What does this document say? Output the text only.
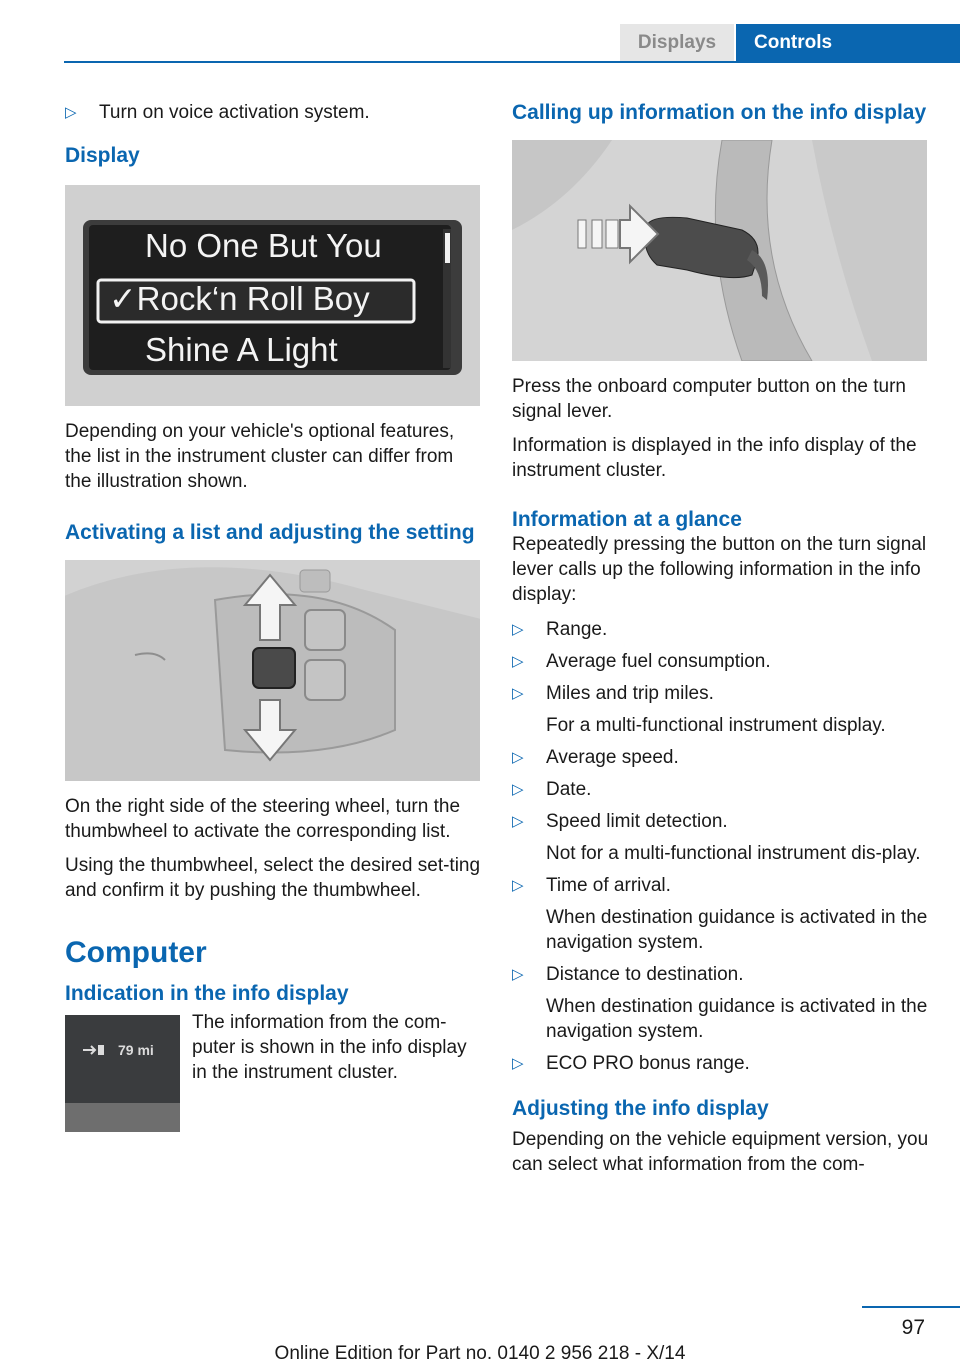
Displays	Controls
▷ Turn on voice activation system.
Display
No One But You
✓Rock‘n Roll Boy
Shine A Light

Depending on your vehicle's optional features, the list in the instrument cluster can differ from the illustration shown.

Activating a list and adjusting the setting

On the right side of the steering wheel, turn the thumbwheel to activate the corresponding list.

Using the thumbwheel, select the desired set‐ting and confirm it by pushing the thumbwheel.

Computer
Indication in the info display
79 mi

The information from the com‐puter is shown in the info display in the instrument cluster.

Calling up information on the info display

Press the onboard computer button on the turn signal lever.

Information is displayed in the info display of the instrument cluster.

Information at a glance

Repeatedly pressing the button on the turn signal lever calls up the following information in the info display:

▷ Range.
▷ Average fuel consumption.
▷ Miles and trip miles.
For a multi-functional instrument display.
▷ Average speed.
▷ Date.
▷ Speed limit detection.
Not for a multi-functional instrument dis‐play.
▷ Time of arrival.
When destination guidance is activated in the navigation system.
▷ Distance to destination.
When destination guidance is activated in the navigation system.
▷ ECO PRO bonus range.
Adjusting the info display

Depending on the vehicle equipment version, you can select what information from the com‐

97
Online Edition for Part no. 0140 2 956 218 - X/14
